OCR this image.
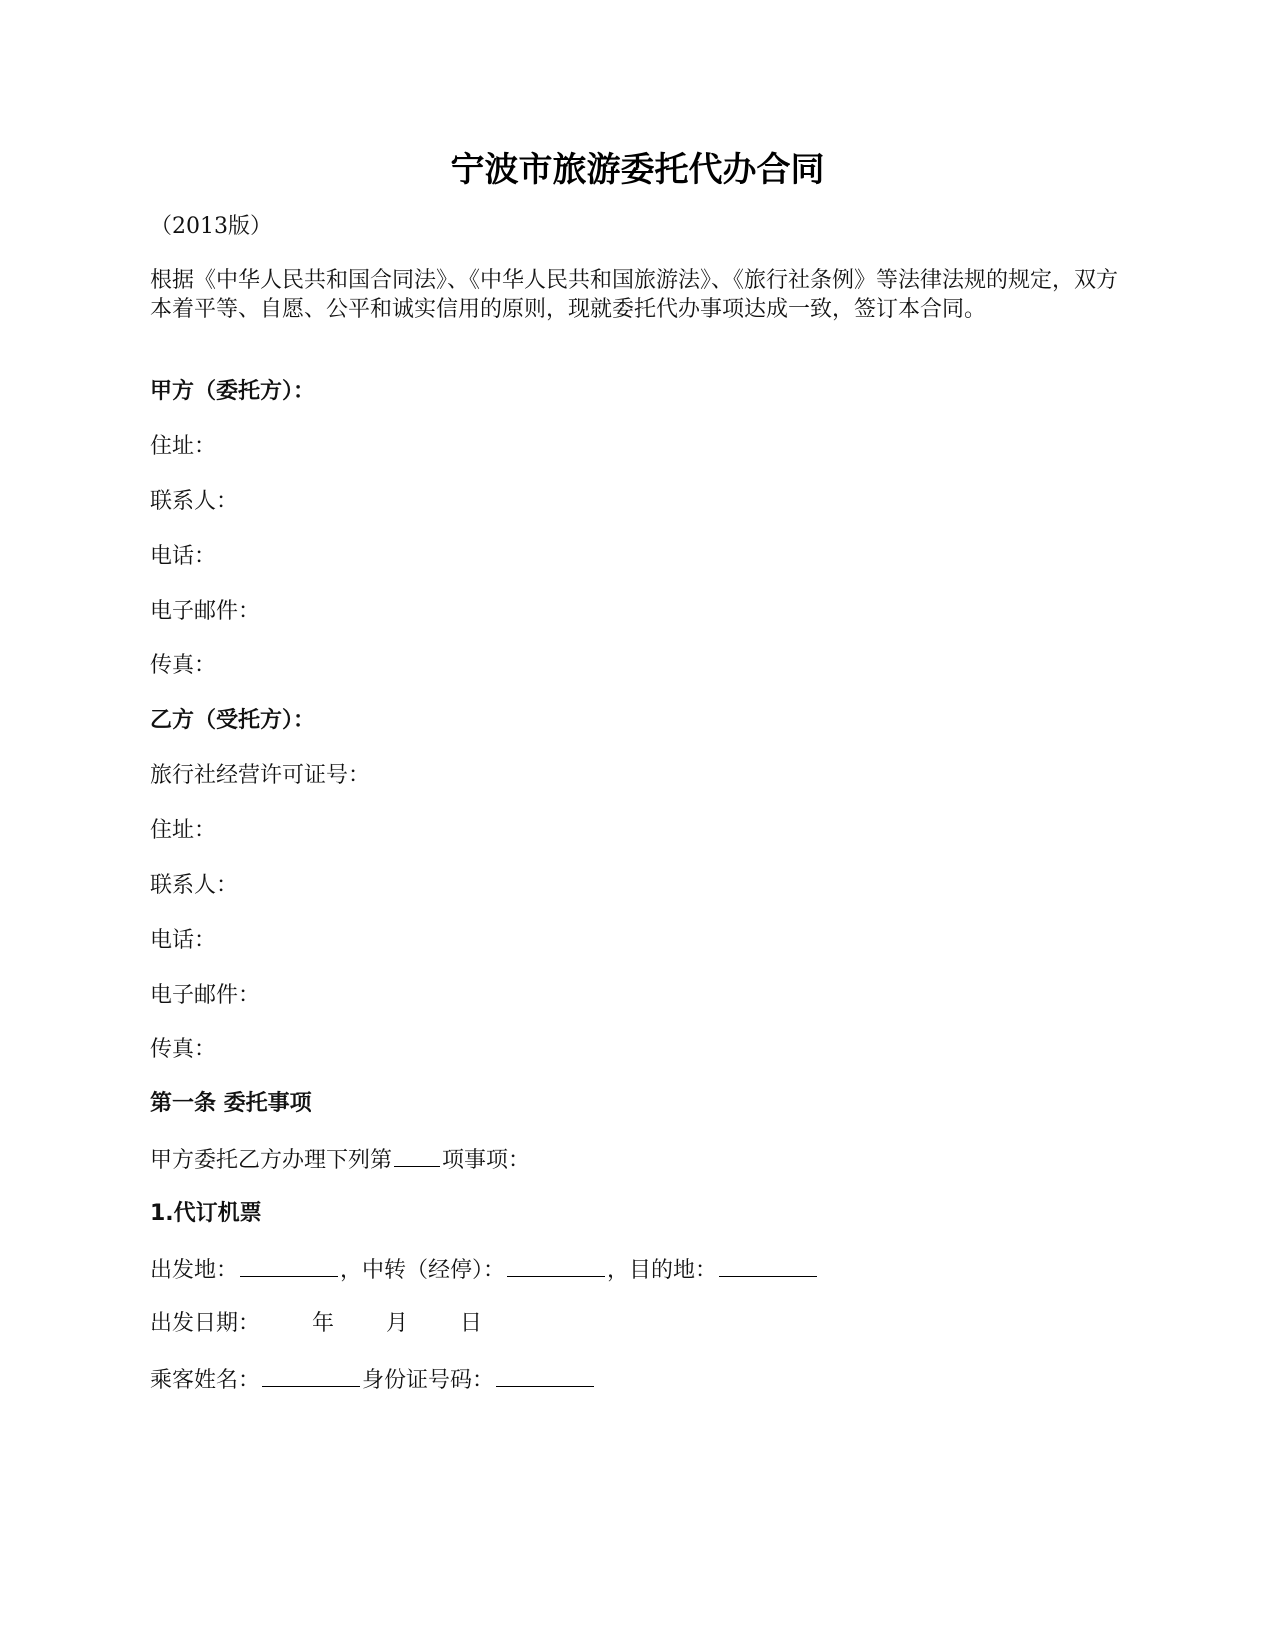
宁波市旅游委托代办合同
（2013版）
根据《中华人民共和国合同法》、《中华人民共和国旅游法》、《旅行社条例》等法律法规的规定，双方本着平等、自愿、公平和诚实信用的原则，现就委托代办事项达成一致，签订本合同。
甲方（委托方）：
住址：
联系人：
电话：
电子邮件：
传真：
乙方（受托方）：
旅行社经营许可证号：
住址：
联系人：
电话：
电子邮件：
传真：
第一条 委托事项
甲方委托乙方办理下列第 项事项：
1.代订机票
出发地：	，中转（经停）：	，目的地：
出发日期： 年 月 日
乘客姓名：	身份证号码：
